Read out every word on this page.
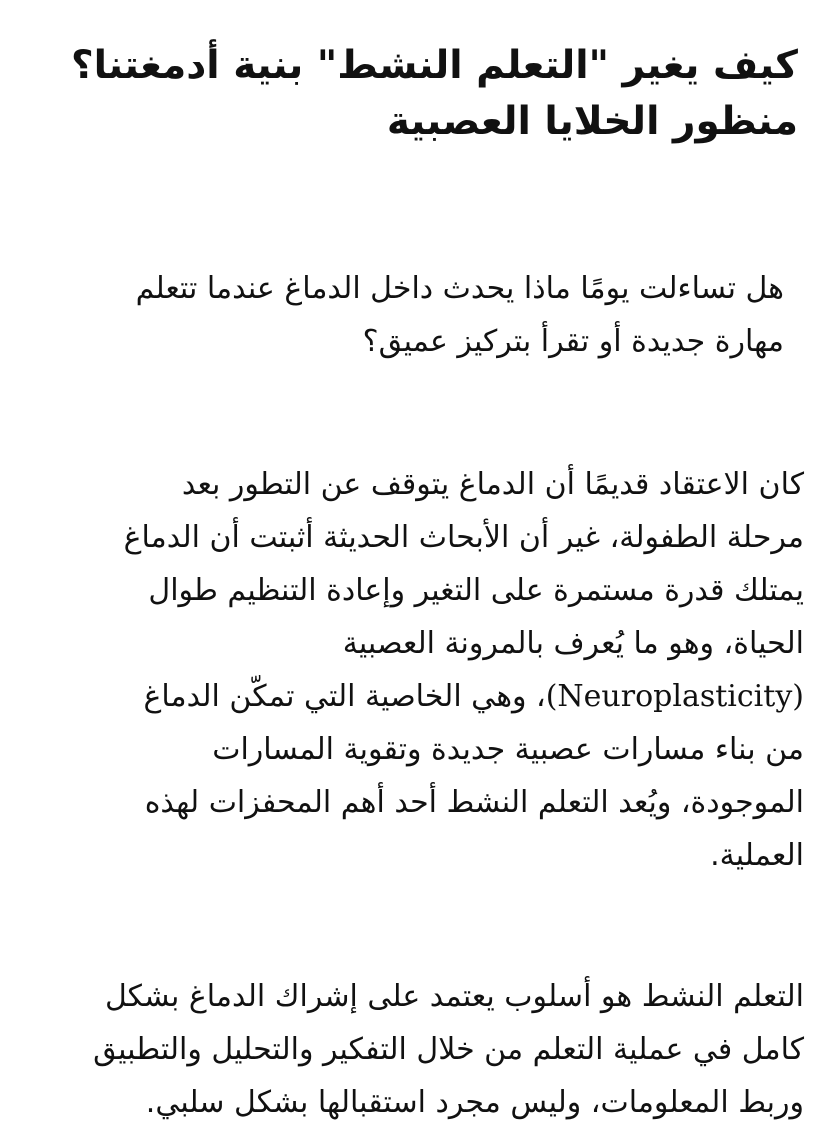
كيف يغير "التعلم النشط" بنية أدمغتنا؟
منظور الخلايا العصبية

هل تساءلت يومًا ماذا يحدث داخل الدماغ عندما تتعلم
مهارة جديدة أو تقرأ بتركيز عميق؟

كان الاعتقاد قديمًا أن الدماغ يتوقف عن التطور بعد
مرحلة الطفولة، غير أن الأبحاث الحديثة أثبتت أن الدماغ
يمتلك قدرة مستمرة على التغير وإعادة التنظيم طوال
الحياة، وهو ما يُعرف بالمرونة العصبية
(Neuroplasticity)، وهي الخاصية التي تمكّن الدماغ
من بناء مسارات عصبية جديدة وتقوية المسارات
الموجودة، ويُعد التعلم النشط أحد أهم المحفزات لهذه
العملية.

التعلم النشط هو أسلوب يعتمد على إشراك الدماغ بشكل
كامل في عملية التعلم من خلال التفكير والتحليل والتطبيق
وربط المعلومات، وليس مجرد استقبالها بشكل سلبي.
